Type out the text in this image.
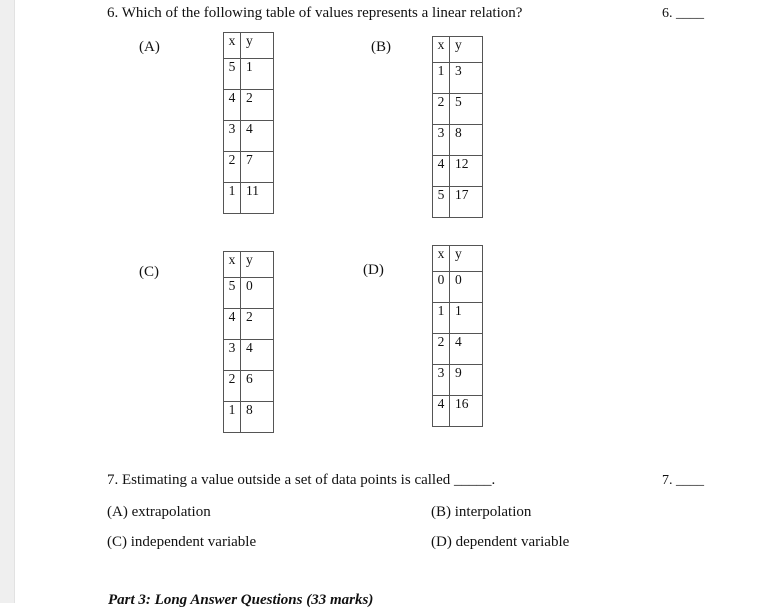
6. Which of the following table of values represents a linear relation?	6. ____
(A)	(B)
(C)	(D)
x	y
5	1
4	2
3	4
2	7
1	11
x	y
1	3
2	5
3	8
4	12
5	17
x	y
5	0
4	2
3	4
2	6
1	8
x	y
0	0
1	1
2	4
3	9
4	16
7. Estimating a value outside a set of data points is called _____.	7. ____
(A) extrapolation	(B) interpolation
(C) independent variable	(D) dependent variable
Part 3: Long Answer Questions (33 marks)
